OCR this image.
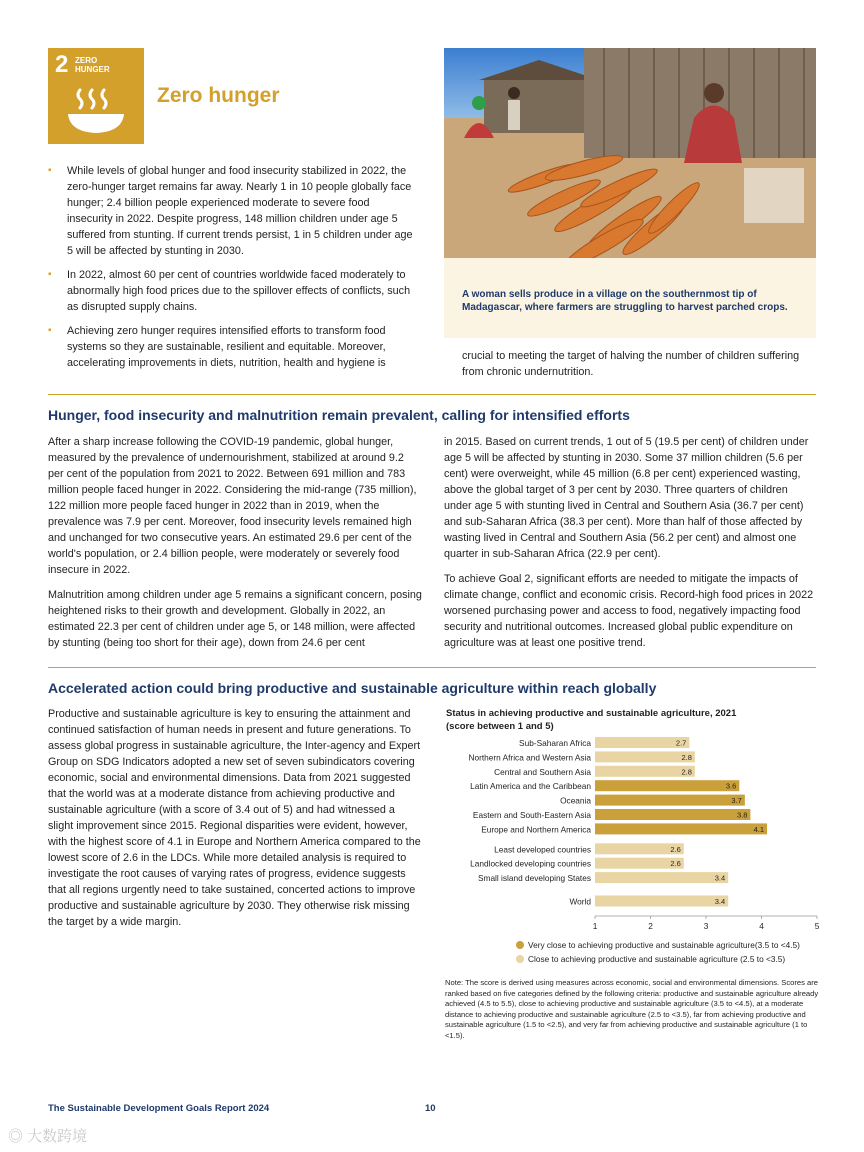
2 ZERO
HUNGER
Zero hunger
▪ While levels of global hunger and food insecurity stabilized in 2022, the zero-hunger target remains far away. Nearly 1 in 10 people globally face hunger; 2.4 billion people experienced moderate to severe food insecurity in 2022. Despite progress, 148 million children under age 5 suffered from stunting. If current trends persist, 1 in 5 children under age 5 will be affected by stunting in 2030.
▪ In 2022, almost 60 per cent of countries worldwide faced moderately to abnormally high food prices due to the spillover effects of conflicts, such as disrupted supply chains.
▪ Achieving zero hunger requires intensified efforts to transform food systems so they are sustainable, resilient and equitable. Moreover, accelerating improvements in diets, nutrition, health and hygiene is
A woman sells produce in a village on the southernmost tip of Madagascar, where farmers are struggling to harvest parched crops.
crucial to meeting the target of halving the number of children suffering from chronic undernutrition.
Hunger, food insecurity and malnutrition remain prevalent, calling for intensified efforts

After a sharp increase following the COVID-19 pandemic, global hunger, measured by the prevalence of undernourishment, stabilized at around 9.2 per cent of the population from 2021 to 2022. Between 691 million and 783 million people faced hunger in 2022. Considering the mid-range (735 million), 122 million more people faced hunger in 2022 than in 2019, when the prevalence was 7.9 per cent. Moreover, food insecurity levels remained high and unchanged for two consecutive years. An estimated 29.6 per cent of the world's population, or 2.4 billion people, were moderately or severely food insecure in 2022.

Malnutrition among children under age 5 remains a significant concern, posing heightened risks to their growth and development. Globally in 2022, an estimated 22.3 per cent of children under age 5, or 148 million, were affected by stunting (being too short for their age), down from 24.6 per cent

in 2015. Based on current trends, 1 out of 5 (19.5 per cent) of children under age 5 will be affected by stunting in 2030. Some 37 million children (5.6 per cent) were overweight, while 45 million (6.8 per cent) experienced wasting, above the global target of 3 per cent by 2030. Three quarters of children under age 5 with stunting lived in Central and Southern Asia (36.7 per cent) and sub-Saharan Africa (38.3 per cent). More than half of those affected by wasting lived in Central and Southern Asia (56.2 per cent) and almost one quarter in sub-Saharan Africa (22.9 per cent).

To achieve Goal 2, significant efforts are needed to mitigate the impacts of climate change, conflict and economic crisis. Record-high food prices in 2022 worsened purchasing power and access to food, negatively impacting food security and nutritional outcomes. Increased global public expenditure on agriculture was at least one positive trend.

Accelerated action could bring productive and sustainable agriculture within reach globally

Productive and sustainable agriculture is key to ensuring the attainment and continued satisfaction of human needs in present and future generations. To assess global progress in sustainable agriculture, the Inter-agency and Expert Group on SDG Indicators adopted a new set of seven subindicators covering economic, social and environmental dimensions. Data from 2021 suggested that the world was at a moderate distance from achieving productive and sustainable agriculture (with a score of 3.4 out of 5) and had witnessed a slight improvement since 2015. Regional disparities were evident, however, with the highest score of 4.1 in Europe and Northern America compared to the lowest score of 2.6 in the LDCs. While more detailed analysis is required to investigate the root causes of varying rates of progress, evidence suggests that all regions urgently need to take sustained, concerted actions to improve productive and sustainable agriculture by 2030. They otherwise risk missing the target by a wide margin.

Status in achieving productive and sustainable agriculture, 2021
(score between 1 and 5)
Sub-Saharan Africa	2.7
Northern Africa and Western Asia	2.8
Central and Southern Asia	2.8
Latin America and the Caribbean	3.6
Oceania	3.7
Eastern and South-Eastern Asia	3.8
Europe and Northern America	4.1
Least developed countries	2.6
Landlocked developing countries	2.6
Small island developing States	3.4
World	3.4
1	2	3	4	5
Very close to achieving productive and sustainable agriculture(3.5 to <4.5)
Close to achieving productive and sustainable agriculture (2.5 to <3.5)
Note: The score is derived using measures across economic, social and environmental dimensions. Scores are ranked based on five categories defined by the following criteria: productive and sustainable agriculture already achieved (4.5 to 5.5), close to achieving productive and sustainable agriculture (3.5 to <4.5), at a moderate distance to achieving productive and sustainable agriculture (2.5 to <3.5), far from achieving productive and sustainable agriculture (1.5 to <2.5), and very far from achieving productive and sustainable agriculture (1 to <1.5).
The Sustainable Development Goals Report 2024	10
◎ 大数跨境
